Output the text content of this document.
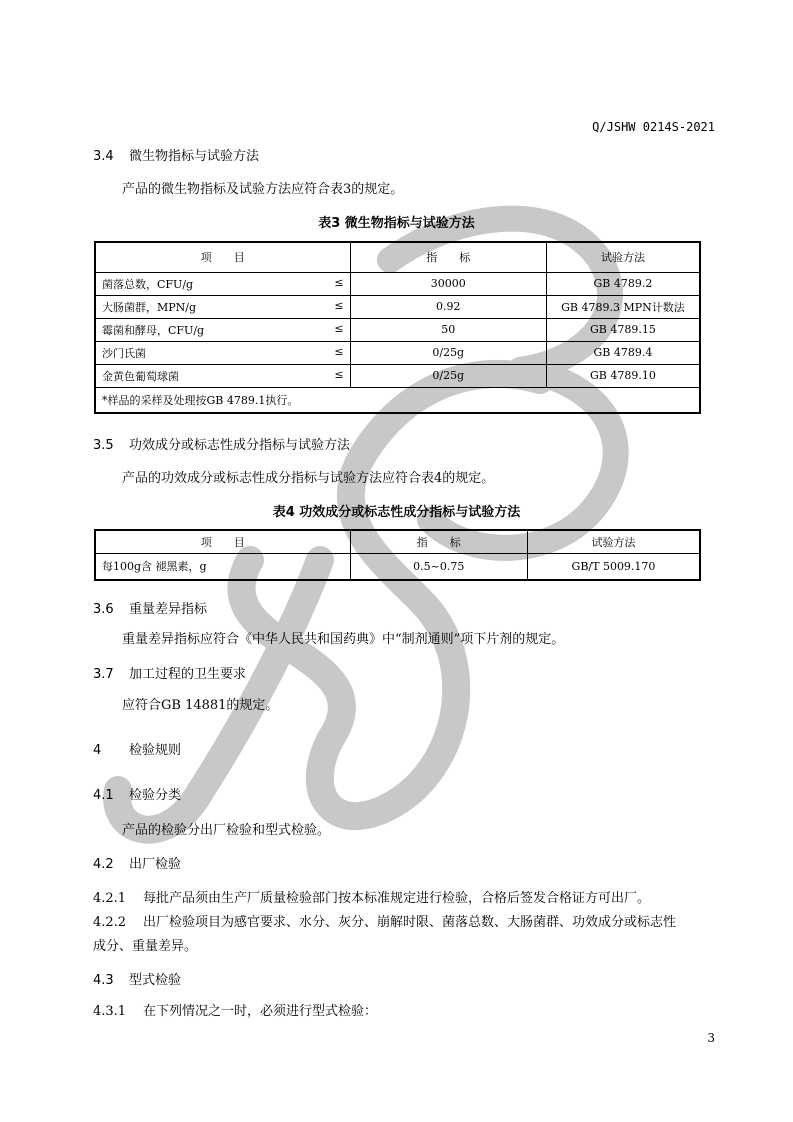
Q/JSHW 0214S-2021
3.4 微生物指标与试验方法
产品的微生物指标及试验方法应符合表3的规定。
表3 微生物指标与试验方法
项　　目	指　　标	试验方法
菌落总数，CFU/g ≤	30000	GB 4789.2
大肠菌群，MPN/g ≤	0.92	GB 4789.3 MPN计数法
霉菌和酵母，CFU/g ≤	50	GB 4789.15
沙门氏菌 ≤	0/25g	GB 4789.4
金黄色葡萄球菌 ≤	0/25g	GB 4789.10
*样品的采样及处理按GB 4789.1执行。		
3.5 功效成分或标志性成分指标与试验方法
产品的功效成分或标志性成分指标与试验方法应符合表4的规定。
表4 功效成分或标志性成分指标与试验方法
项　　目	指　　标	试验方法
每100g含 褪黑素，g	0.5~0.75	GB/T 5009.170
3.6 重量差异指标
重量差异指标应符合《中华人民共和国药典》中“制剂通则”项下片剂的规定。
3.7 加工过程的卫生要求
应符合GB 14881的规定。
4 检验规则
4.1 检验分类
产品的检验分出厂检验和型式检验。
4.2 出厂检验
4.2.1 每批产品须由生产厂质量检验部门按本标准规定进行检验，合格后签发合格证方可出厂。
4.2.2 出厂检验项目为感官要求、水分、灰分、崩解时限、菌落总数、大肠菌群、功效成分或标志性
成分、重量差异。
4.3 型式检验
4.3.1 在下列情况之一时，必须进行型式检验：
3
